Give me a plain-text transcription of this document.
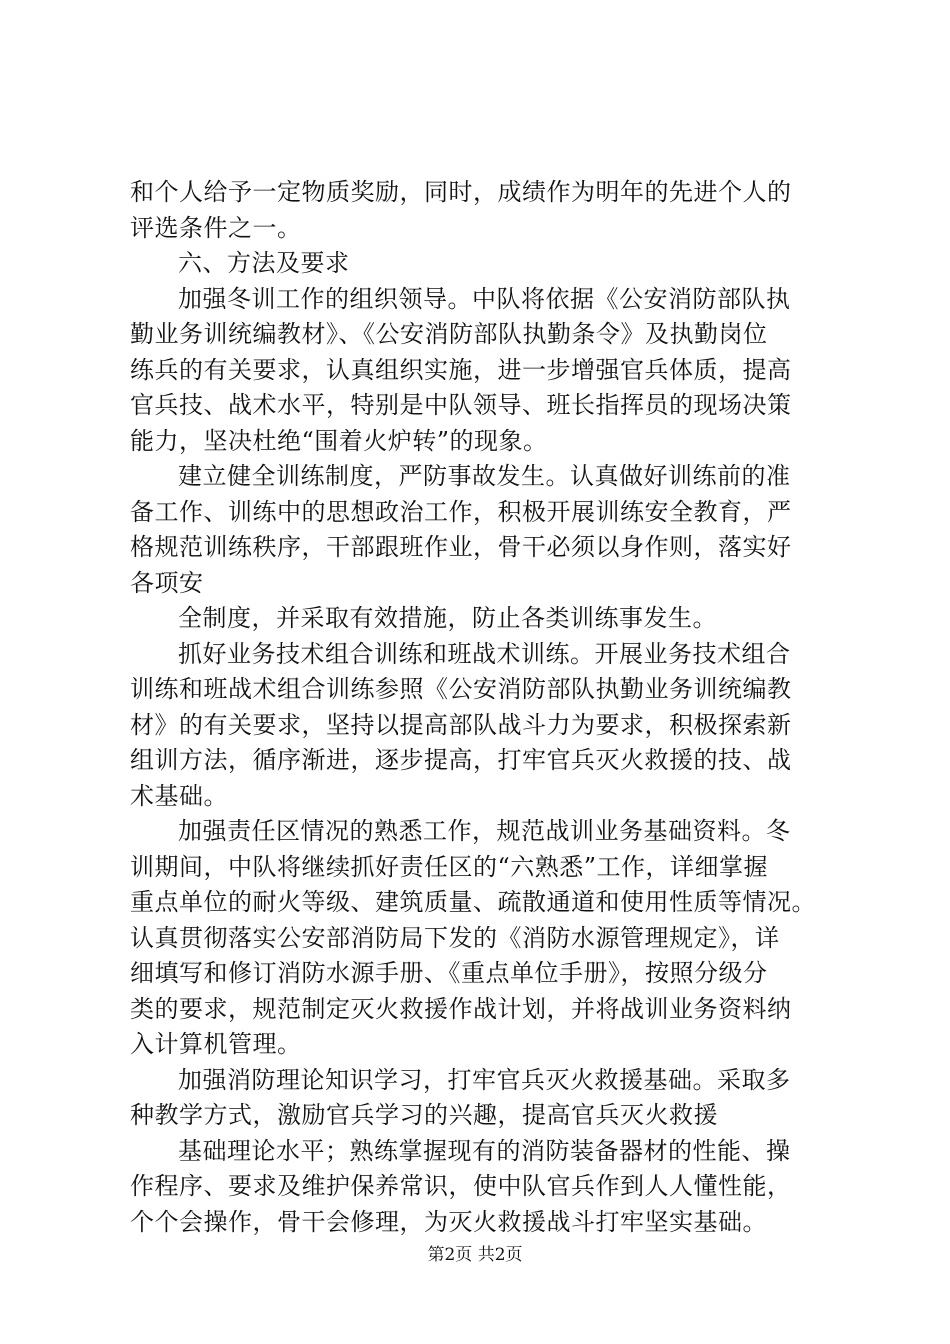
和个人给予一定物质奖励，同时，成绩作为明年的先进个人的
评选条件之一。
六、方法及要求
加强冬训工作的组织领导。中队将依据《公安消防部队执
勤业务训统编教材》、《公安消防部队执勤条令》及执勤岗位
练兵的有关要求，认真组织实施，进一步增强官兵体质，提高
官兵技、战术水平，特别是中队领导、班长指挥员的现场决策
能力，坚决杜绝“围着火炉转”的现象。
建立健全训练制度，严防事故发生。认真做好训练前的准
备工作、训练中的思想政治工作，积极开展训练安全教育，严
格规范训练秩序，干部跟班作业，骨干必须以身作则，落实好
各项安
全制度，并采取有效措施，防止各类训练事发生。
抓好业务技术组合训练和班战术训练。开展业务技术组合
训练和班战术组合训练参照《公安消防部队执勤业务训统编教
材》的有关要求，坚持以提高部队战斗力为要求，积极探索新
组训方法，循序渐进，逐步提高，打牢官兵灭火救援的技、战
术基础。
加强责任区情况的熟悉工作，规范战训业务基础资料。冬
训期间，中队将继续抓好责任区的“六熟悉”工作，详细掌握
重点单位的耐火等级、建筑质量、疏散通道和使用性质等情况。
认真贯彻落实公安部消防局下发的《消防水源管理规定》，详
细填写和修订消防水源手册、《重点单位手册》，按照分级分
类的要求，规范制定灭火救援作战计划，并将战训业务资料纳
入计算机管理。
加强消防理论知识学习，打牢官兵灭火救援基础。采取多
种教学方式，激励官兵学习的兴趣，提高官兵灭火救援
基础理论水平；熟练掌握现有的消防装备器材的性能、操
作程序、要求及维护保养常识，使中队官兵作到人人懂性能，
个个会操作，骨干会修理，为灭火救援战斗打牢坚实基础。
第2页 共2页
